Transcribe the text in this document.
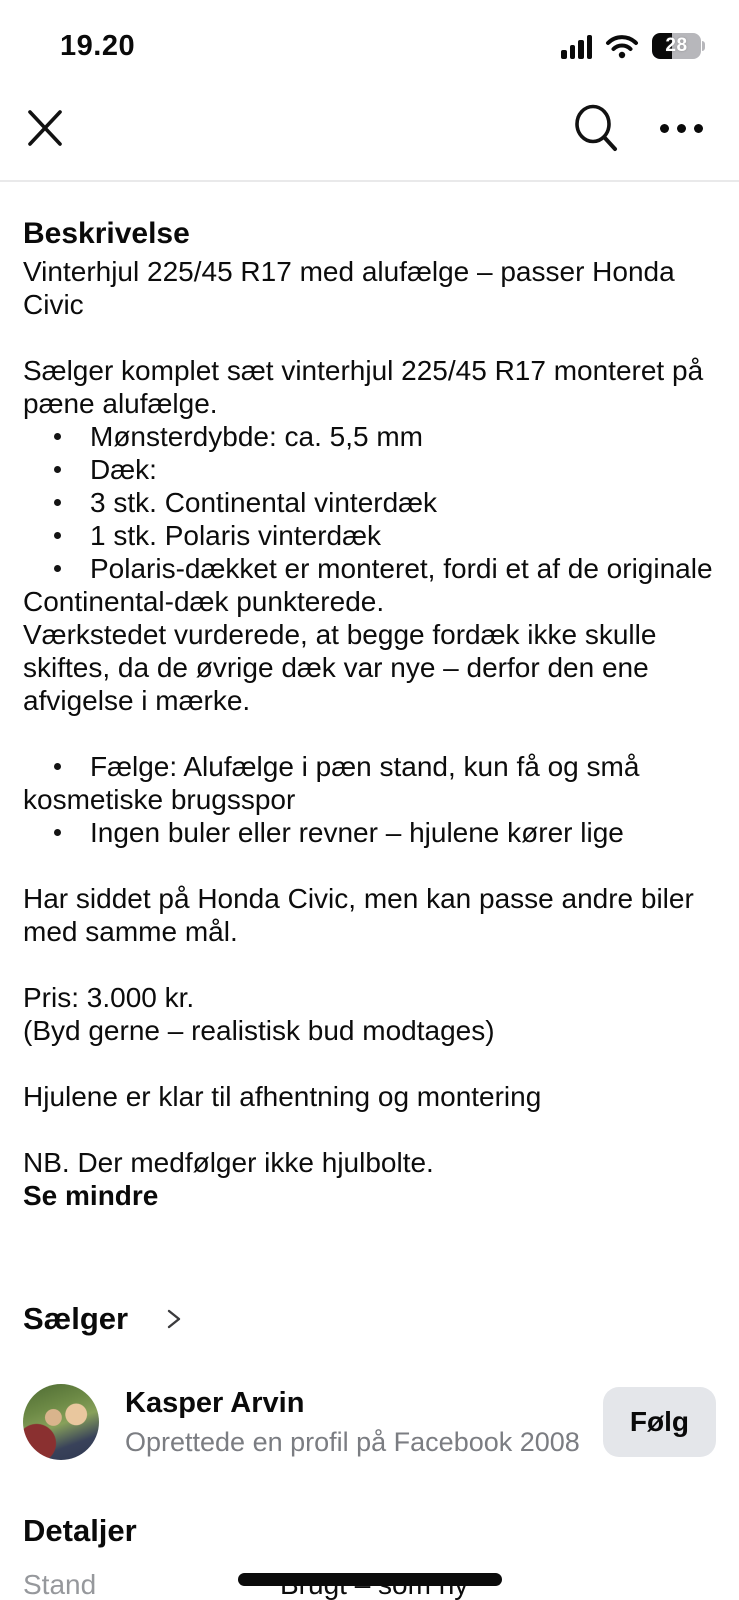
19.20	28
Beskrivelse
Vinterhjul 225/45 R17 med alufælge – passer Honda Civic
Sælger komplet sæt vinterhjul 225/45 R17 monteret på pæne alufælge.
Mønsterdybde: ca. 5,5 mm
Dæk:
3 stk. Continental vinterdæk
1 stk. Polaris vinterdæk
Polaris-dækket er monteret, fordi et af de originale Continental-dæk punkterede.
Værkstedet vurderede, at begge fordæk ikke skulle skiftes, da de øvrige dæk var nye – derfor den ene afvigelse i mærke.
Fælge: Alufælge i pæn stand, kun få og små kosmetiske brugsspor
Ingen buler eller revner – hjulene kører lige
Har siddet på Honda Civic, men kan passe andre biler med samme mål.
Pris: 3.000 kr.
(Byd gerne – realistisk bud modtages)
Hjulene er klar til afhentning og montering
NB. Der medfølger ikke hjulbolte.
Se mindre
Sælger
Kasper Arvin
Oprettede en profil på Facebook 2008
Følg
Detaljer
Stand
